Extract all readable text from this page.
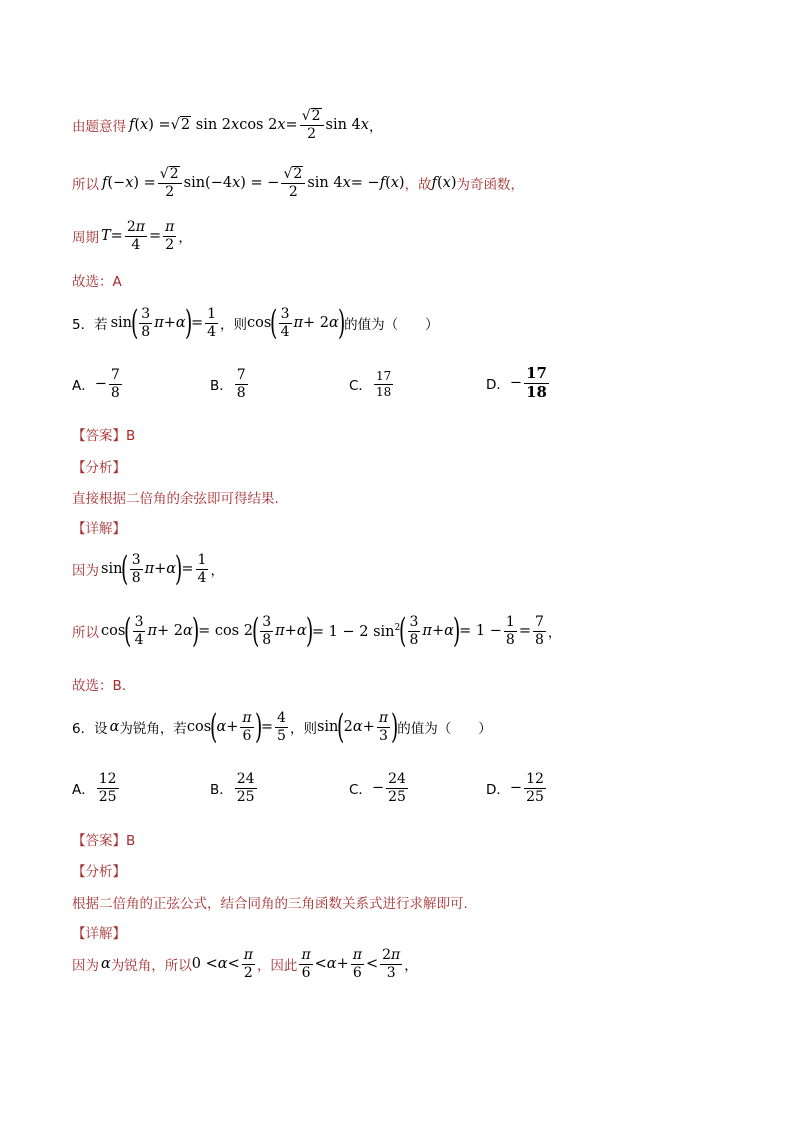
由题意得 f ( x ) = √ 2 sin 2 x cos 2 $x = \frac{√ 2}{2}$ sin 4 x ，
所以 f (− x ) = $\frac{√ 2}{2} \sin(-4$ x ) = − $\frac{√ 2}{2}$ sin 4 x = − f ( x ) ，故 f ( x ) 为奇函数，
周期 $T = \frac{2\pi}{4} = \frac{\pi}{2}$ ，
故选：A
5．若 sin
( $\frac{3}{8}$ π + α
)
= $\frac{1}{4}$ ，则 cos
( $\frac{3}{4}$ π + 2 α
)
的值为（　　）
A． − $\frac{7}{8}$	B． $\frac{7}{8}$	C． $\frac{17}{18}$	D． − $\frac{17}{18}$
【答案】B
【分析】
直接根据二倍角的余弦即可得结果.
【详解】
因为 sin
( $\frac{3}{8}$ π + α
)
= $\frac{1}{4}$ ，
所以 cos
( $\frac{3}{4}$ π + 2 α
)
= cos 2
( $\frac{3}{8}$ π + α
)
= 1 − 2 $\sin^2$
( $\frac{3}{8}$ π + α
)
= $1 - \frac{1}{8} = \frac{7}{8}$ ，
故选：B.
6．设 α 为锐角，若 cos
(
$\alpha + \frac{\pi}{6}$ )
= $\frac{4}{5}$ ，则 sin
(
2 $\alpha + \frac{\pi}{3}$ )
的值为（　　）
A． $\frac{12}{25}$	B． $\frac{24}{25}$	C． − $\frac{24}{25}$	D． − $\frac{12}{25}$
【答案】B
【分析】
根据二倍角的正弦公式，结合同角的三角函数关系式进行求解即可.
【详解】
因为 α 为锐角，所以 $0 < \alpha < \frac{\pi}{2}$ ，因此 $\frac{\pi}{6} < \alpha + \frac{\pi}{6} < \frac{2\pi}{3}$ ，
